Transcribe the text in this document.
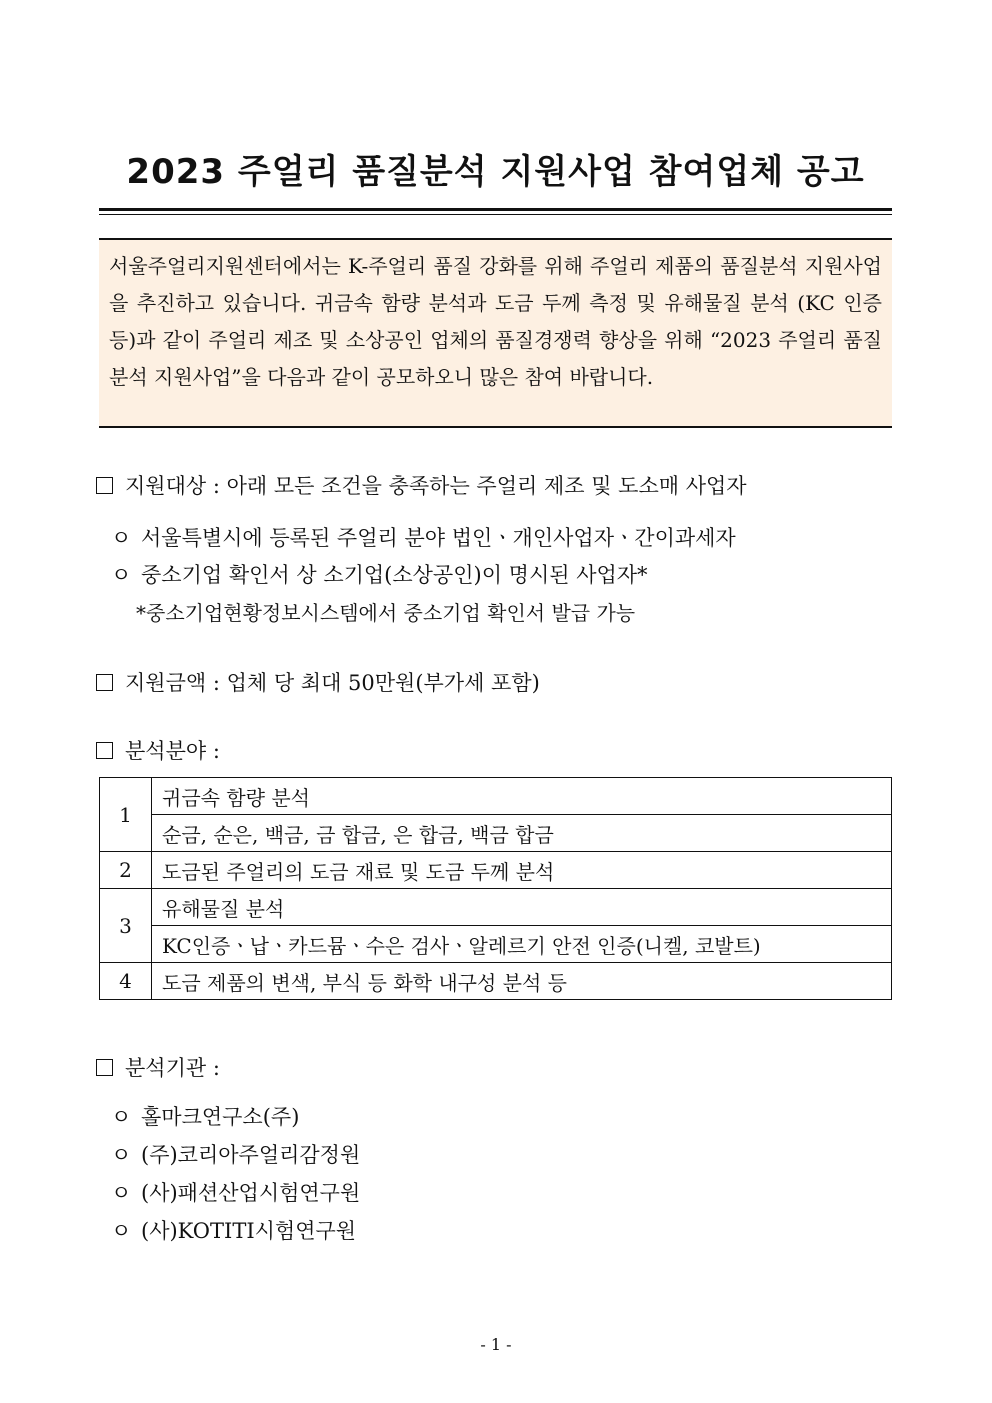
2023 주얼리 품질분석 지원사업 참여업체 공고
서울주얼리지원센터에서는 K-주얼리 품질 강화를 위해 주얼리 제품의 품질분석 지원사업을 추진하고 있습니다. 귀금속 함량 분석과 도금 두께 측정 및 유해물질 분석 (KC 인증 등)과 같이 주얼리 제조 및 소상공인 업체의 품질경쟁력 향상을 위해 “2023 주얼리 품질분석 지원사업”을 다음과 같이 공모하오니 많은 참여 바랍니다.
지원대상 : 아래 모든 조건을 충족하는 주얼리 제조 및 도소매 사업자
ㅇ 서울특별시에 등록된 주얼리 분야 법인ㆍ개인사업자ㆍ간이과세자
ㅇ 중소기업 확인서 상 소기업(소상공인)이 명시된 사업자*
*중소기업현황정보시스템에서 중소기업 확인서 발급 가능
지원금액 : 업체 당 최대 50만원(부가세 포함)
분석분야 :
1	귀금속 함량 분석
	순금, 순은, 백금, 금 합금, 은 합금, 백금 합금
2	도금된 주얼리의 도금 재료 및 도금 두께 분석
3	유해물질 분석
	KC인증ㆍ납ㆍ카드뮴ㆍ수은 검사ㆍ알레르기 안전 인증(니켈, 코발트)
4	도금 제품의 변색, 부식 등 화학 내구성 분석 등
분석기관 :
ㅇ 홀마크연구소(주)
ㅇ (주)코리아주얼리감정원
ㅇ (사)패션산업시험연구원
ㅇ (사)KOTITI시험연구원
- 1 -
